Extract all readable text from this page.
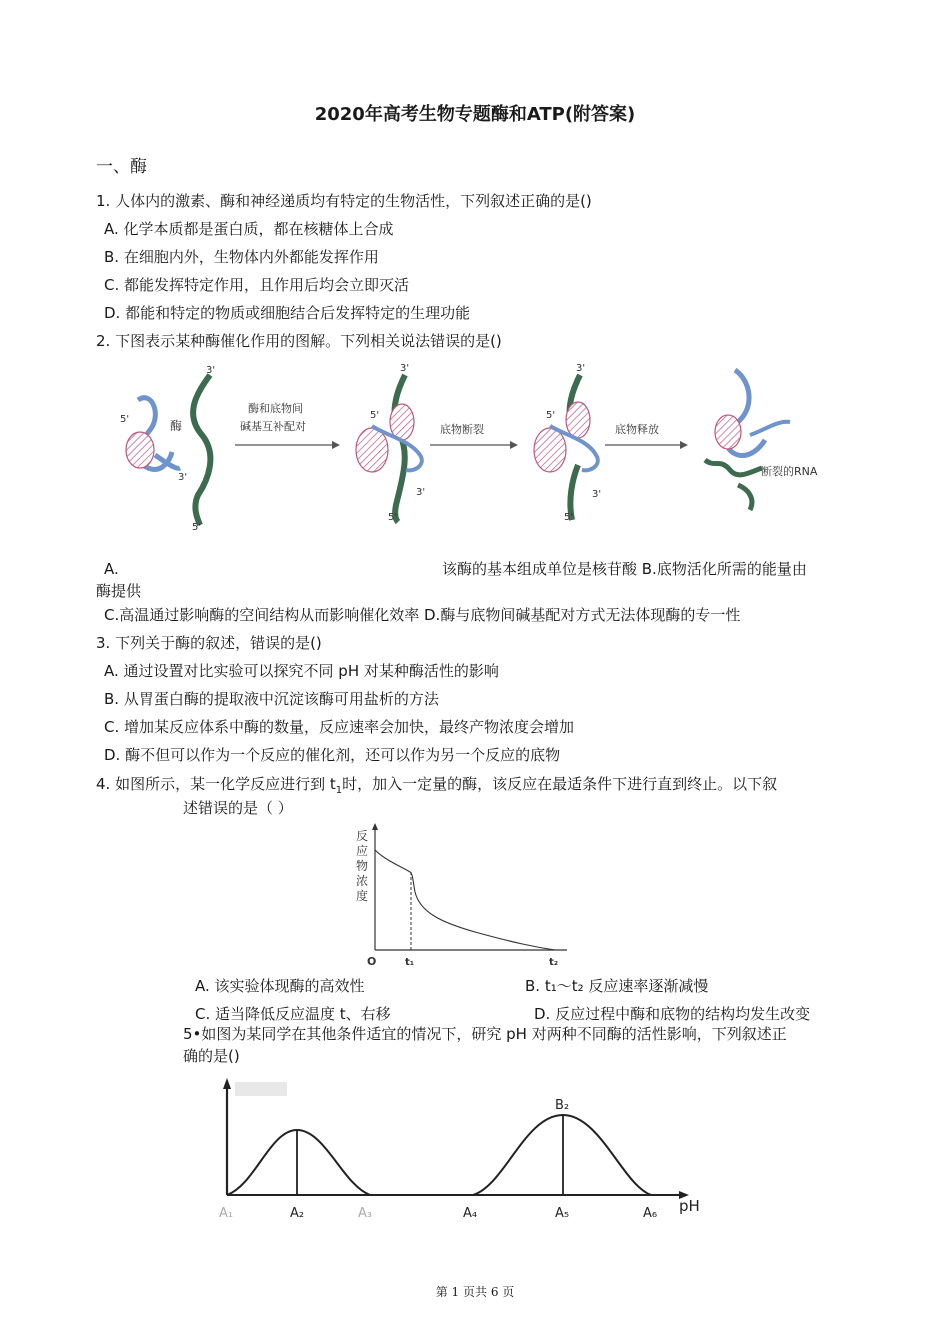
2020年高考生物专题酶和ATP(附答案)
一、酶
1. 人体内的激素、酶和神经递质均有特定的生物活性，下列叙述正确的是()
A. 化学本质都是蛋白质，都在核糖体上合成
B. 在细胞内外，生物体内外都能发挥作用
C. 都能发挥特定作用，且作用后均会立即灭活
D. 都能和特定的物质或细胞结合后发挥特定的生理功能
2. 下图表示某种酶催化作用的图解。下列相关说法错误的是()
3'
5'	酶
3'
5'
酶和底物间
碱基互补配对
3'
5'
3'
5'
底物断裂
3'
5'
3'
5'
底物释放
断裂的RNA
A.	该酶的基本组成单位是核苷酸 B.底物活化所需的能量由
酶提供
C.高温通过影响酶的空间结构从而影响催化效率 D.酶与底物间碱基配对方式无法体现酶的专一性
3. 下列关于酶的叙述，错误的是()
A. 通过设置对比实验可以探究不同 pH 对某种酶活性的影响
B. 从胃蛋白酶的提取液中沉淀该酶可用盐析的方法
C. 增加某反应体系中酶的数量，反应速率会加快，最终产物浓度会增加
D. 酶不但可以作为一个反应的催化剂，还可以作为另一个反应的底物
4. 如图所示，某一化学反应进行到 $t_1$时，加入一定量的酶，该反应在最适条件下进行直到终止。以下叙
述错误的是（ ）
反
应
物
浓
度
O	t₁	t₂
A. 该实验体现酶的高效性	B. t₁～t₂ 反应速率逐渐减慢
C. 适当降低反应温度 t、右移	D. 反应过程中酶和底物的结构均发生改变
5•如图为某同学在其他条件适宜的情况下，研究 pH 对两种不同酶的活性影响，下列叙述正
确的是()
A₁	A₂	A₃	A₄	A₅	A₆
B₂
pH
第 1 页共 6 页
